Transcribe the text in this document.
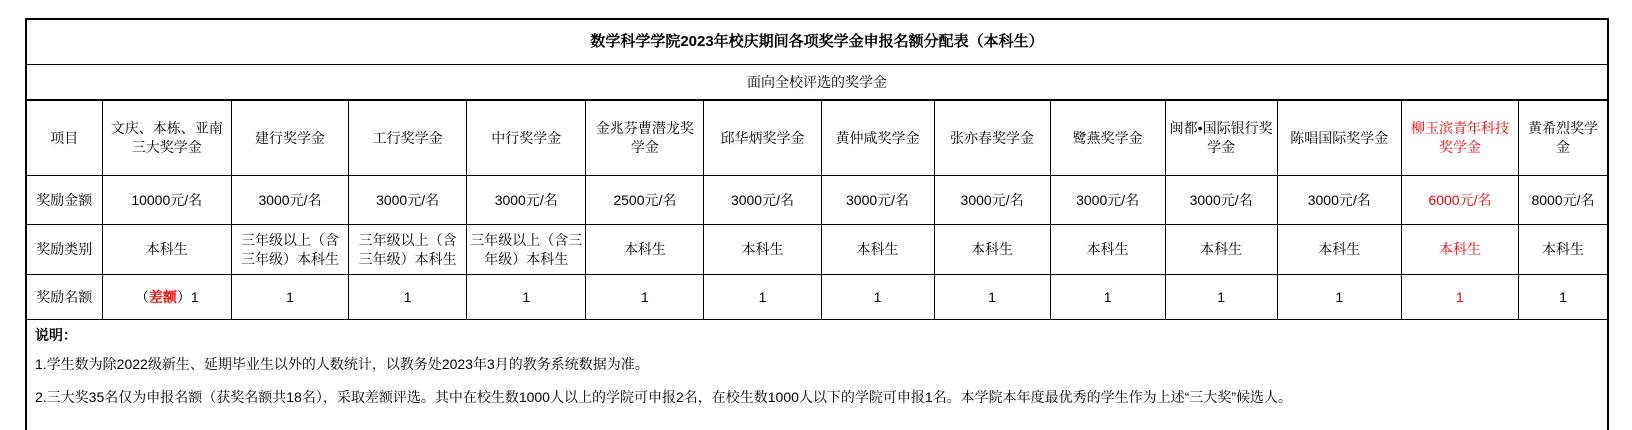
数学科学学院2023年校庆期间各项奖学金申报名额分配表（本科生）													
面向全校评选的奖学金													
项目	文庆、本栋、亚南三大奖学金	建行奖学金	工行奖学金	中行奖学金	金兆芬曹潜龙奖学金	邱华炳奖学金	黄仲咸奖学金	张亦春奖学金	鹭燕奖学金	闽都•国际银行奖学金	陈唱国际奖学金	柳玉滨青年科技奖学金	黄希烈奖学金
奖励金额	10000元/名	3000元/名	3000元/名	3000元/名	2500元/名	3000元/名	3000元/名	3000元/名	3000元/名	3000元/名	3000元/名	6000元/名	8000元/名
奖励类别	本科生	三年级以上（含三年级）本科生	三年级以上（含三年级）本科生	三年级以上（含三年级）本科生	本科生	本科生	本科生	本科生	本科生	本科生	本科生	本科生	本科生
奖励名额	（差额）1	1	1	1	1	1	1	1	1	1	1	1	1

说明：
1.学生数为除2022级新生、延期毕业生以外的人数统计，以教务处2023年3月的教务系统数据为准。
2.三大奖35名仅为申报名额（获奖名额共18名），采取差额评选。其中在校生数1000人以上的学院可申报2名，在校生数1000人以下的学院可申报1名。本学院本年度最优秀的学生作为上述“三大奖”候选人。													
